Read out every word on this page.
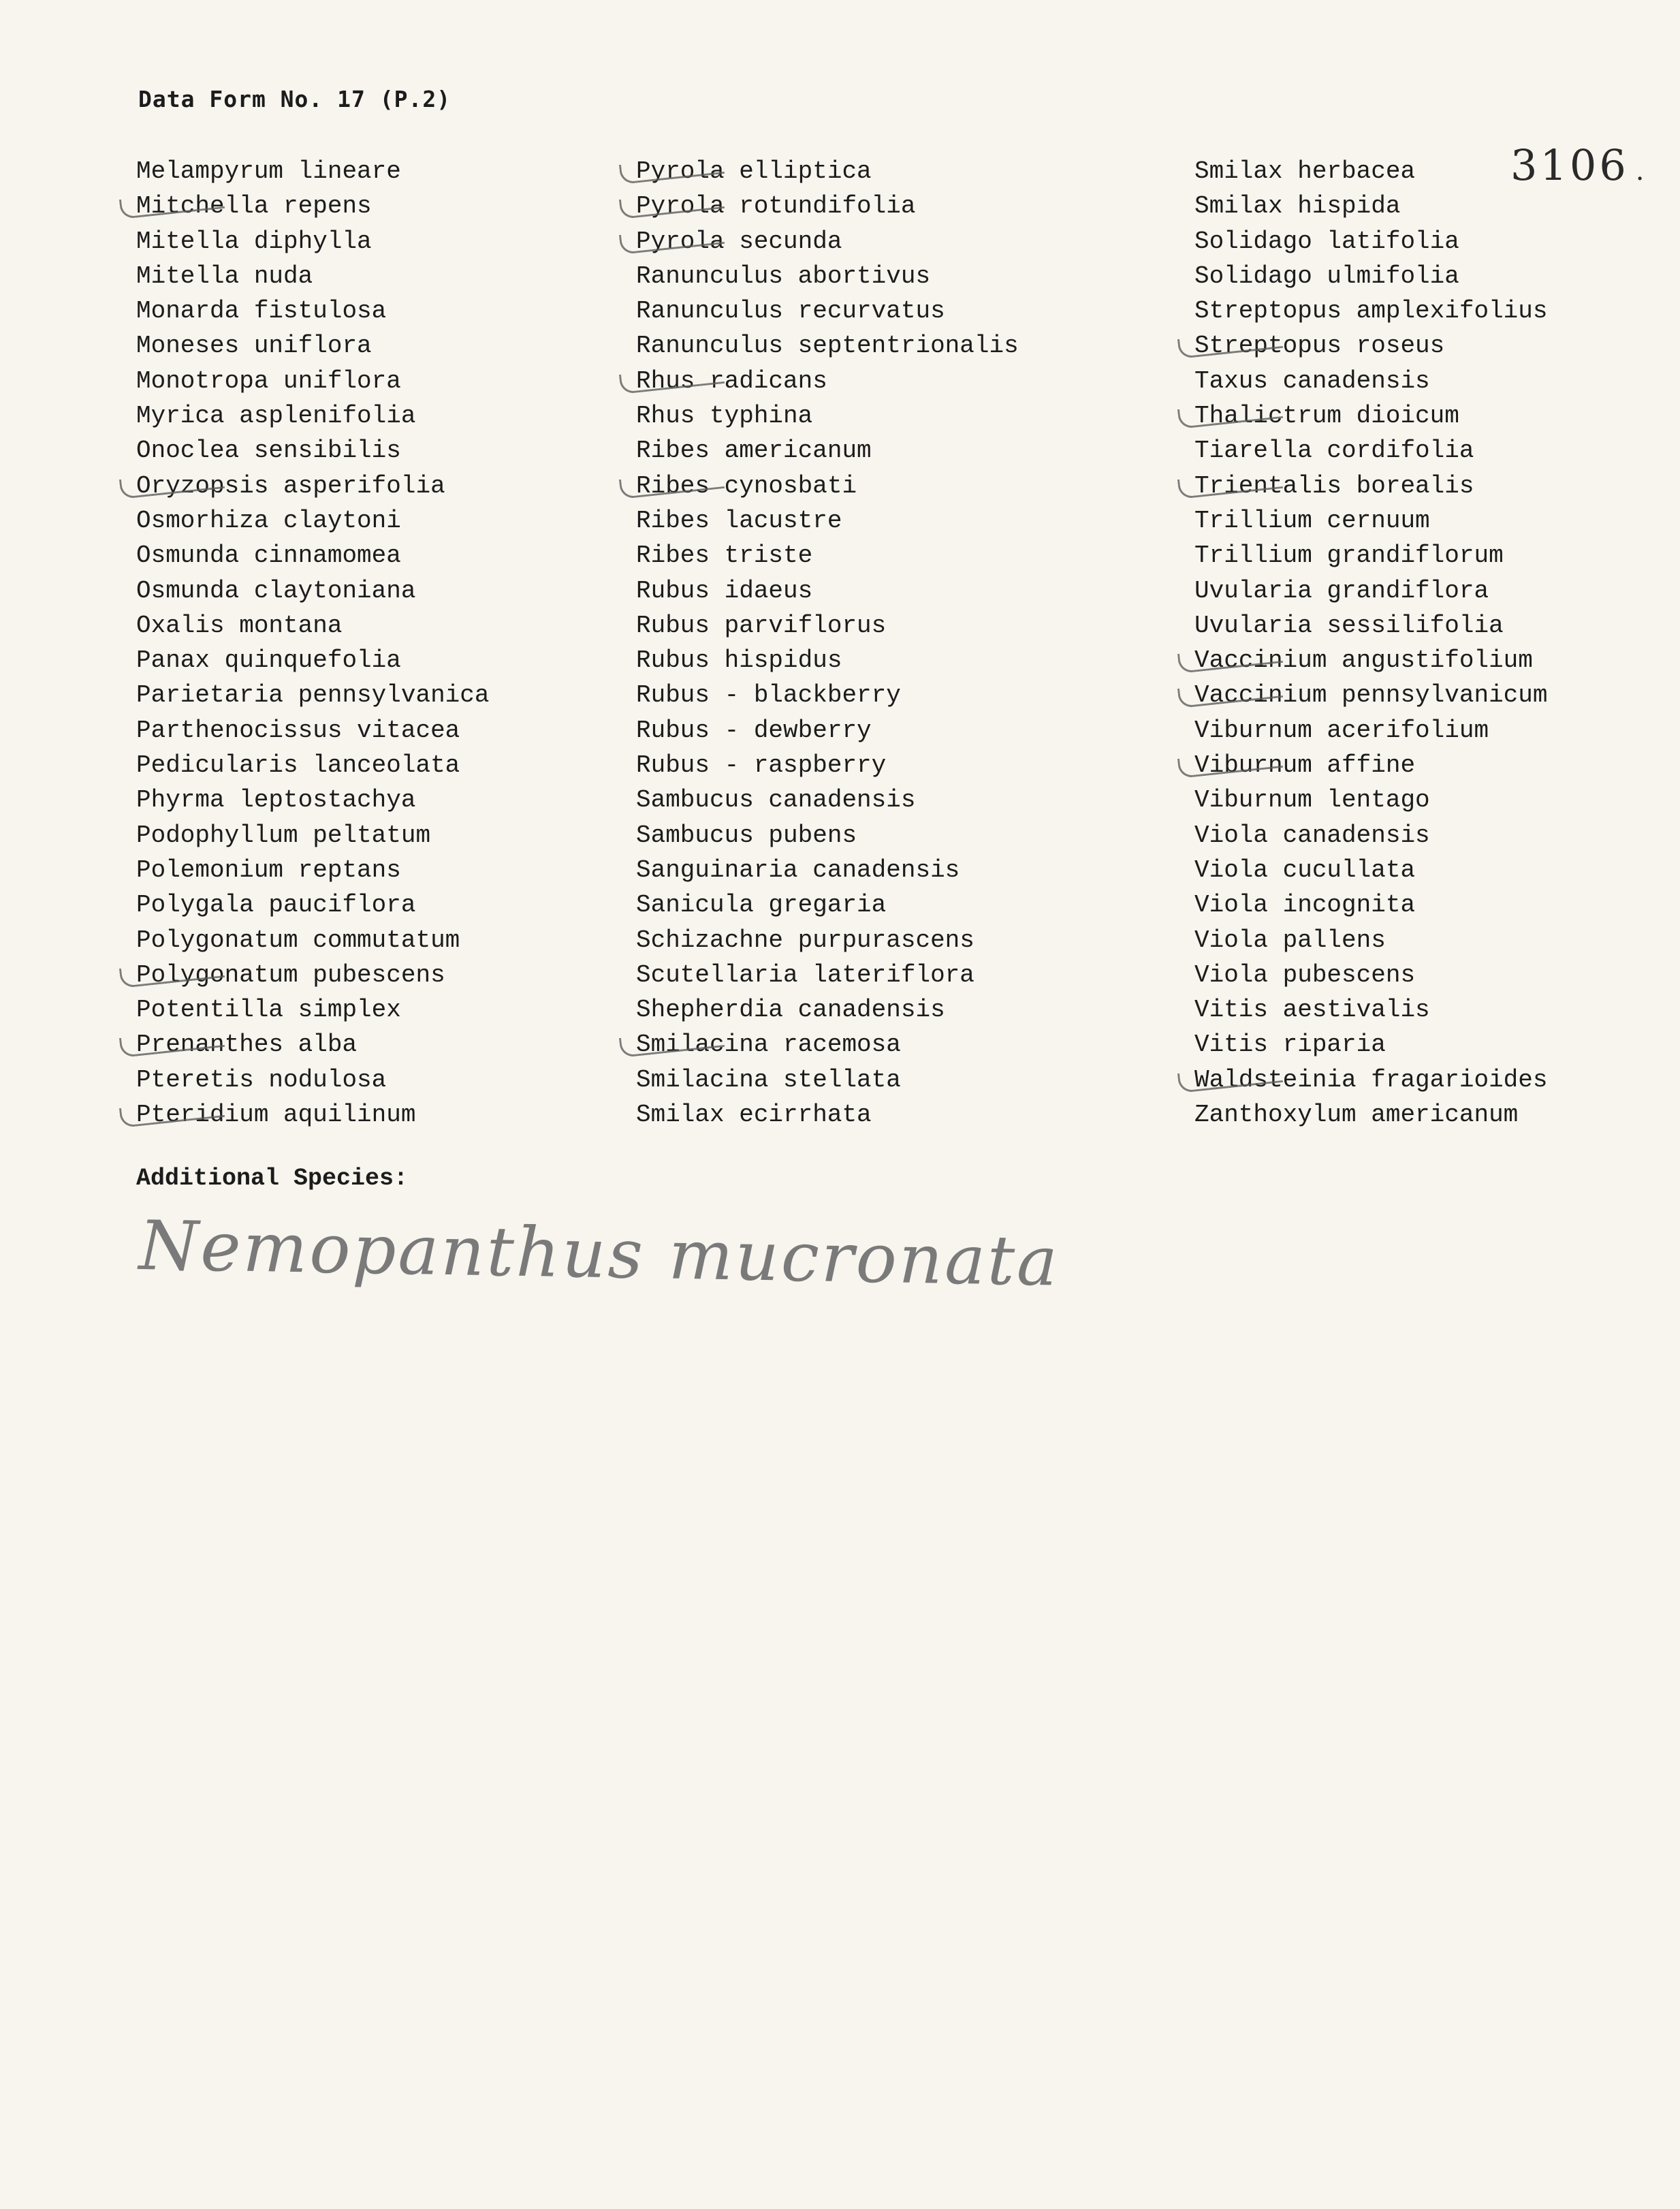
Data Form No. 17 (P.2)
3106 .
Melampyrum lineare
Mitchella repens
Mitella diphylla
Mitella nuda
Monarda fistulosa
Moneses uniflora
Monotropa uniflora
Myrica asplenifolia
Onoclea sensibilis
Oryzopsis asperifolia
Osmorhiza claytoni
Osmunda cinnamomea
Osmunda claytoniana
Oxalis montana
Panax quinquefolia
Parietaria pennsylvanica
Parthenocissus vitacea
Pedicularis lanceolata
Phyrma leptostachya
Podophyllum peltatum
Polemonium reptans
Polygala pauciflora
Polygonatum commutatum
Polygonatum pubescens
Potentilla simplex
Prenanthes alba
Pteretis nodulosa
Pteridium aquilinum
Pyrola elliptica
Pyrola rotundifolia
Pyrola secunda
Ranunculus abortivus
Ranunculus recurvatus
Ranunculus septentrionalis
Rhus radicans
Rhus typhina
Ribes americanum
Ribes cynosbati
Ribes lacustre
Ribes triste
Rubus idaeus
Rubus parviflorus
Rubus hispidus
Rubus - blackberry
Rubus - dewberry
Rubus - raspberry
Sambucus canadensis
Sambucus pubens
Sanguinaria canadensis
Sanicula gregaria
Schizachne purpurascens
Scutellaria lateriflora
Shepherdia canadensis
Smilacina racemosa
Smilacina stellata
Smilax ecirrhata
Smilax herbacea
Smilax hispida
Solidago latifolia
Solidago ulmifolia
Streptopus amplexifolius
Streptopus roseus
Taxus canadensis
Thalictrum dioicum
Tiarella cordifolia
Trientalis borealis
Trillium cernuum
Trillium grandiflorum
Uvularia grandiflora
Uvularia sessilifolia
Vaccinium angustifolium
Vaccinium pennsylvanicum
Viburnum acerifolium
Viburnum affine
Viburnum lentago
Viola canadensis
Viola cucullata
Viola incognita
Viola pallens
Viola pubescens
Vitis aestivalis
Vitis riparia
Waldsteinia fragarioides
Zanthoxylum americanum
Additional Species:
Nemopanthus mucronata
